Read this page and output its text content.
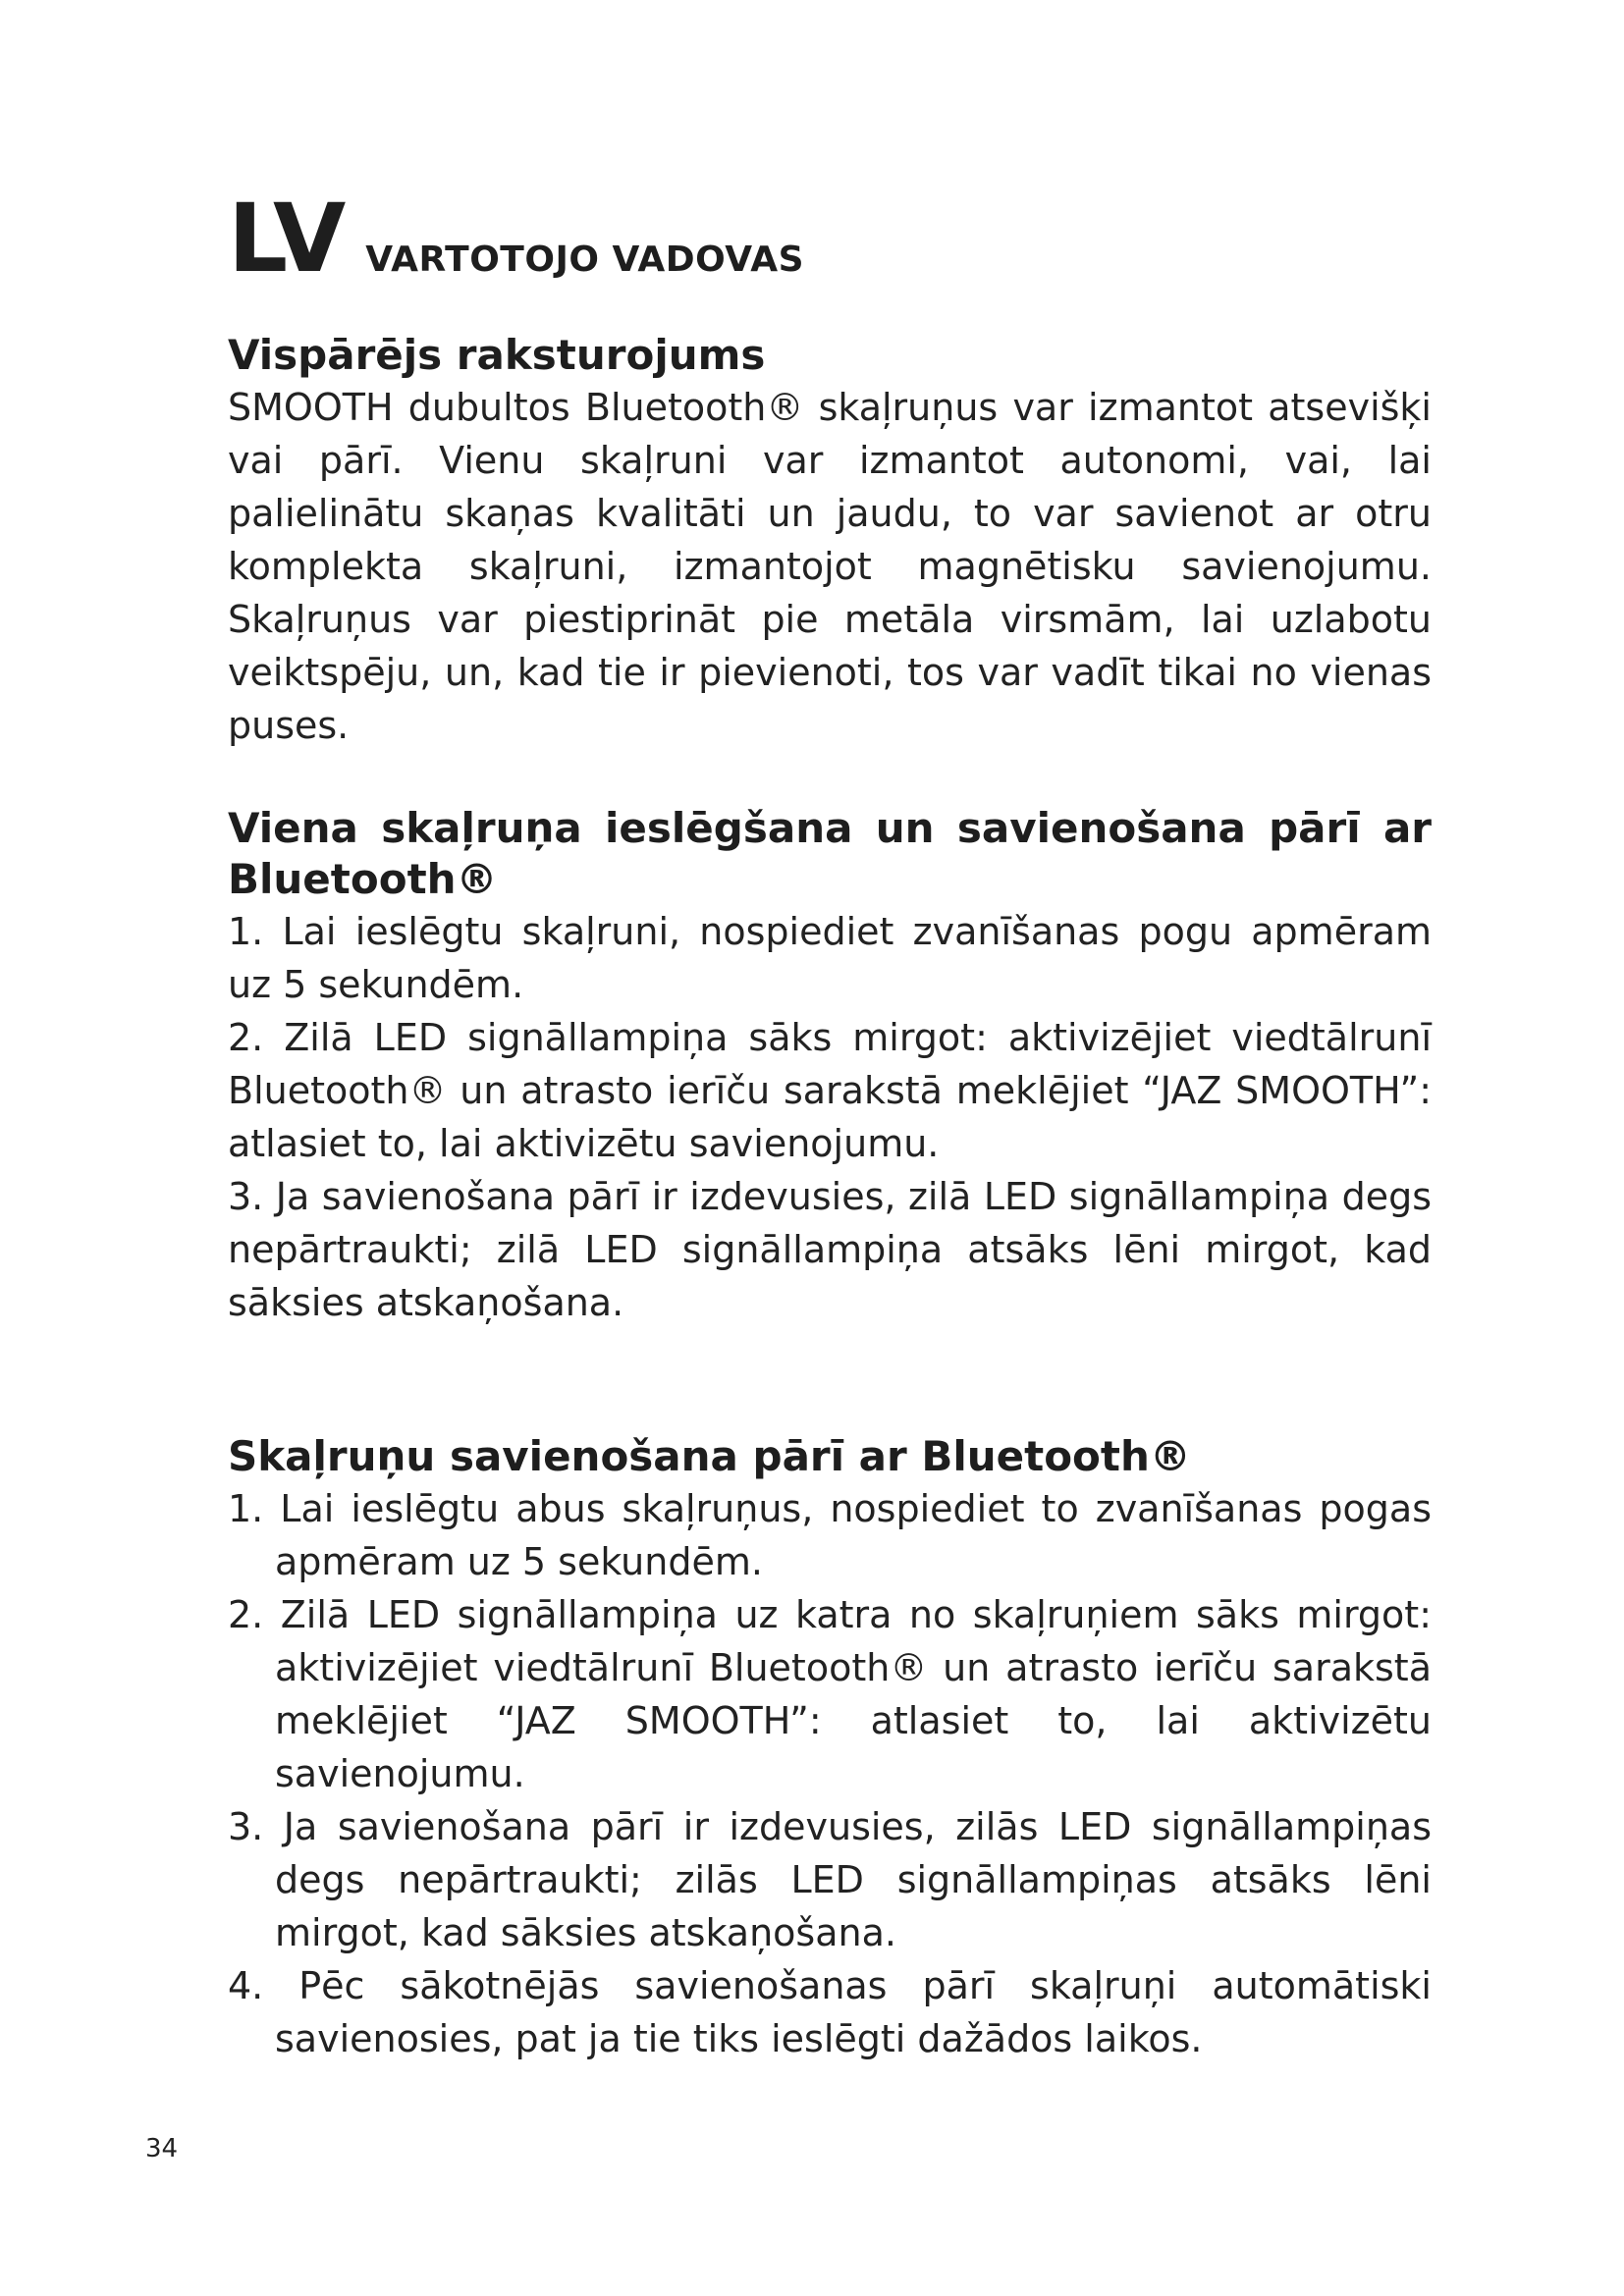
LV VARTOTOJO VADOVAS
Vispārējs raksturojums

SMOOTH dubultos Bluetooth® skaļruņus var izmantot atsevišķi vai pārī. Vienu skaļruni var izmantot autonomi, vai, lai palielinātu skaņas kvalitāti un jaudu, to var savienot ar otru komplekta skaļruni, izmantojot magnētisku savienojumu. Skaļruņus var piestiprināt pie metāla virsmām, lai uzlabotu veiktspēju, un, kad tie ir pievienoti, tos var vadīt tikai no vienas puses.

Viena skaļruņa ieslēgšana un savienošana pārī ar Bluetooth®

1. Lai ieslēgtu skaļruni, nospiediet zvanīšanas pogu apmēram uz 5 sekundēm.

2. Zilā LED signāllampiņa sāks mirgot: aktivizējiet viedtālrunī Bluetooth® un atrasto ierīču sarakstā meklējiet “JAZ SMOOTH”: atlasiet to, lai aktivizētu savienojumu.

3. Ja savienošana pārī ir izdevusies, zilā LED signāllampiņa degs nepārtraukti; zilā LED signāllampiņa atsāks lēni mirgot, kad sāksies atskaņošana.

Skaļruņu savienošana pārī ar Bluetooth®

1. Lai ieslēgtu abus skaļruņus, nospiediet to zvanīšanas pogas apmēram uz 5 sekundēm.

2. Zilā LED signāllampiņa uz katra no skaļruņiem sāks mirgot: aktivizējiet viedtālrunī Bluetooth® un atrasto ierīču sarakstā meklējiet “JAZ SMOOTH”: atlasiet to, lai aktivizētu savienojumu.

3. Ja savienošana pārī ir izdevusies, zilās LED signāllampiņas degs nepārtraukti; zilās LED signāllampiņas atsāks lēni mirgot, kad sāksies atskaņošana.

4. Pēc sākotnējās savienošanas pārī skaļruņi automātiski savienosies, pat ja tie tiks ieslēgti dažādos laikos.

34
